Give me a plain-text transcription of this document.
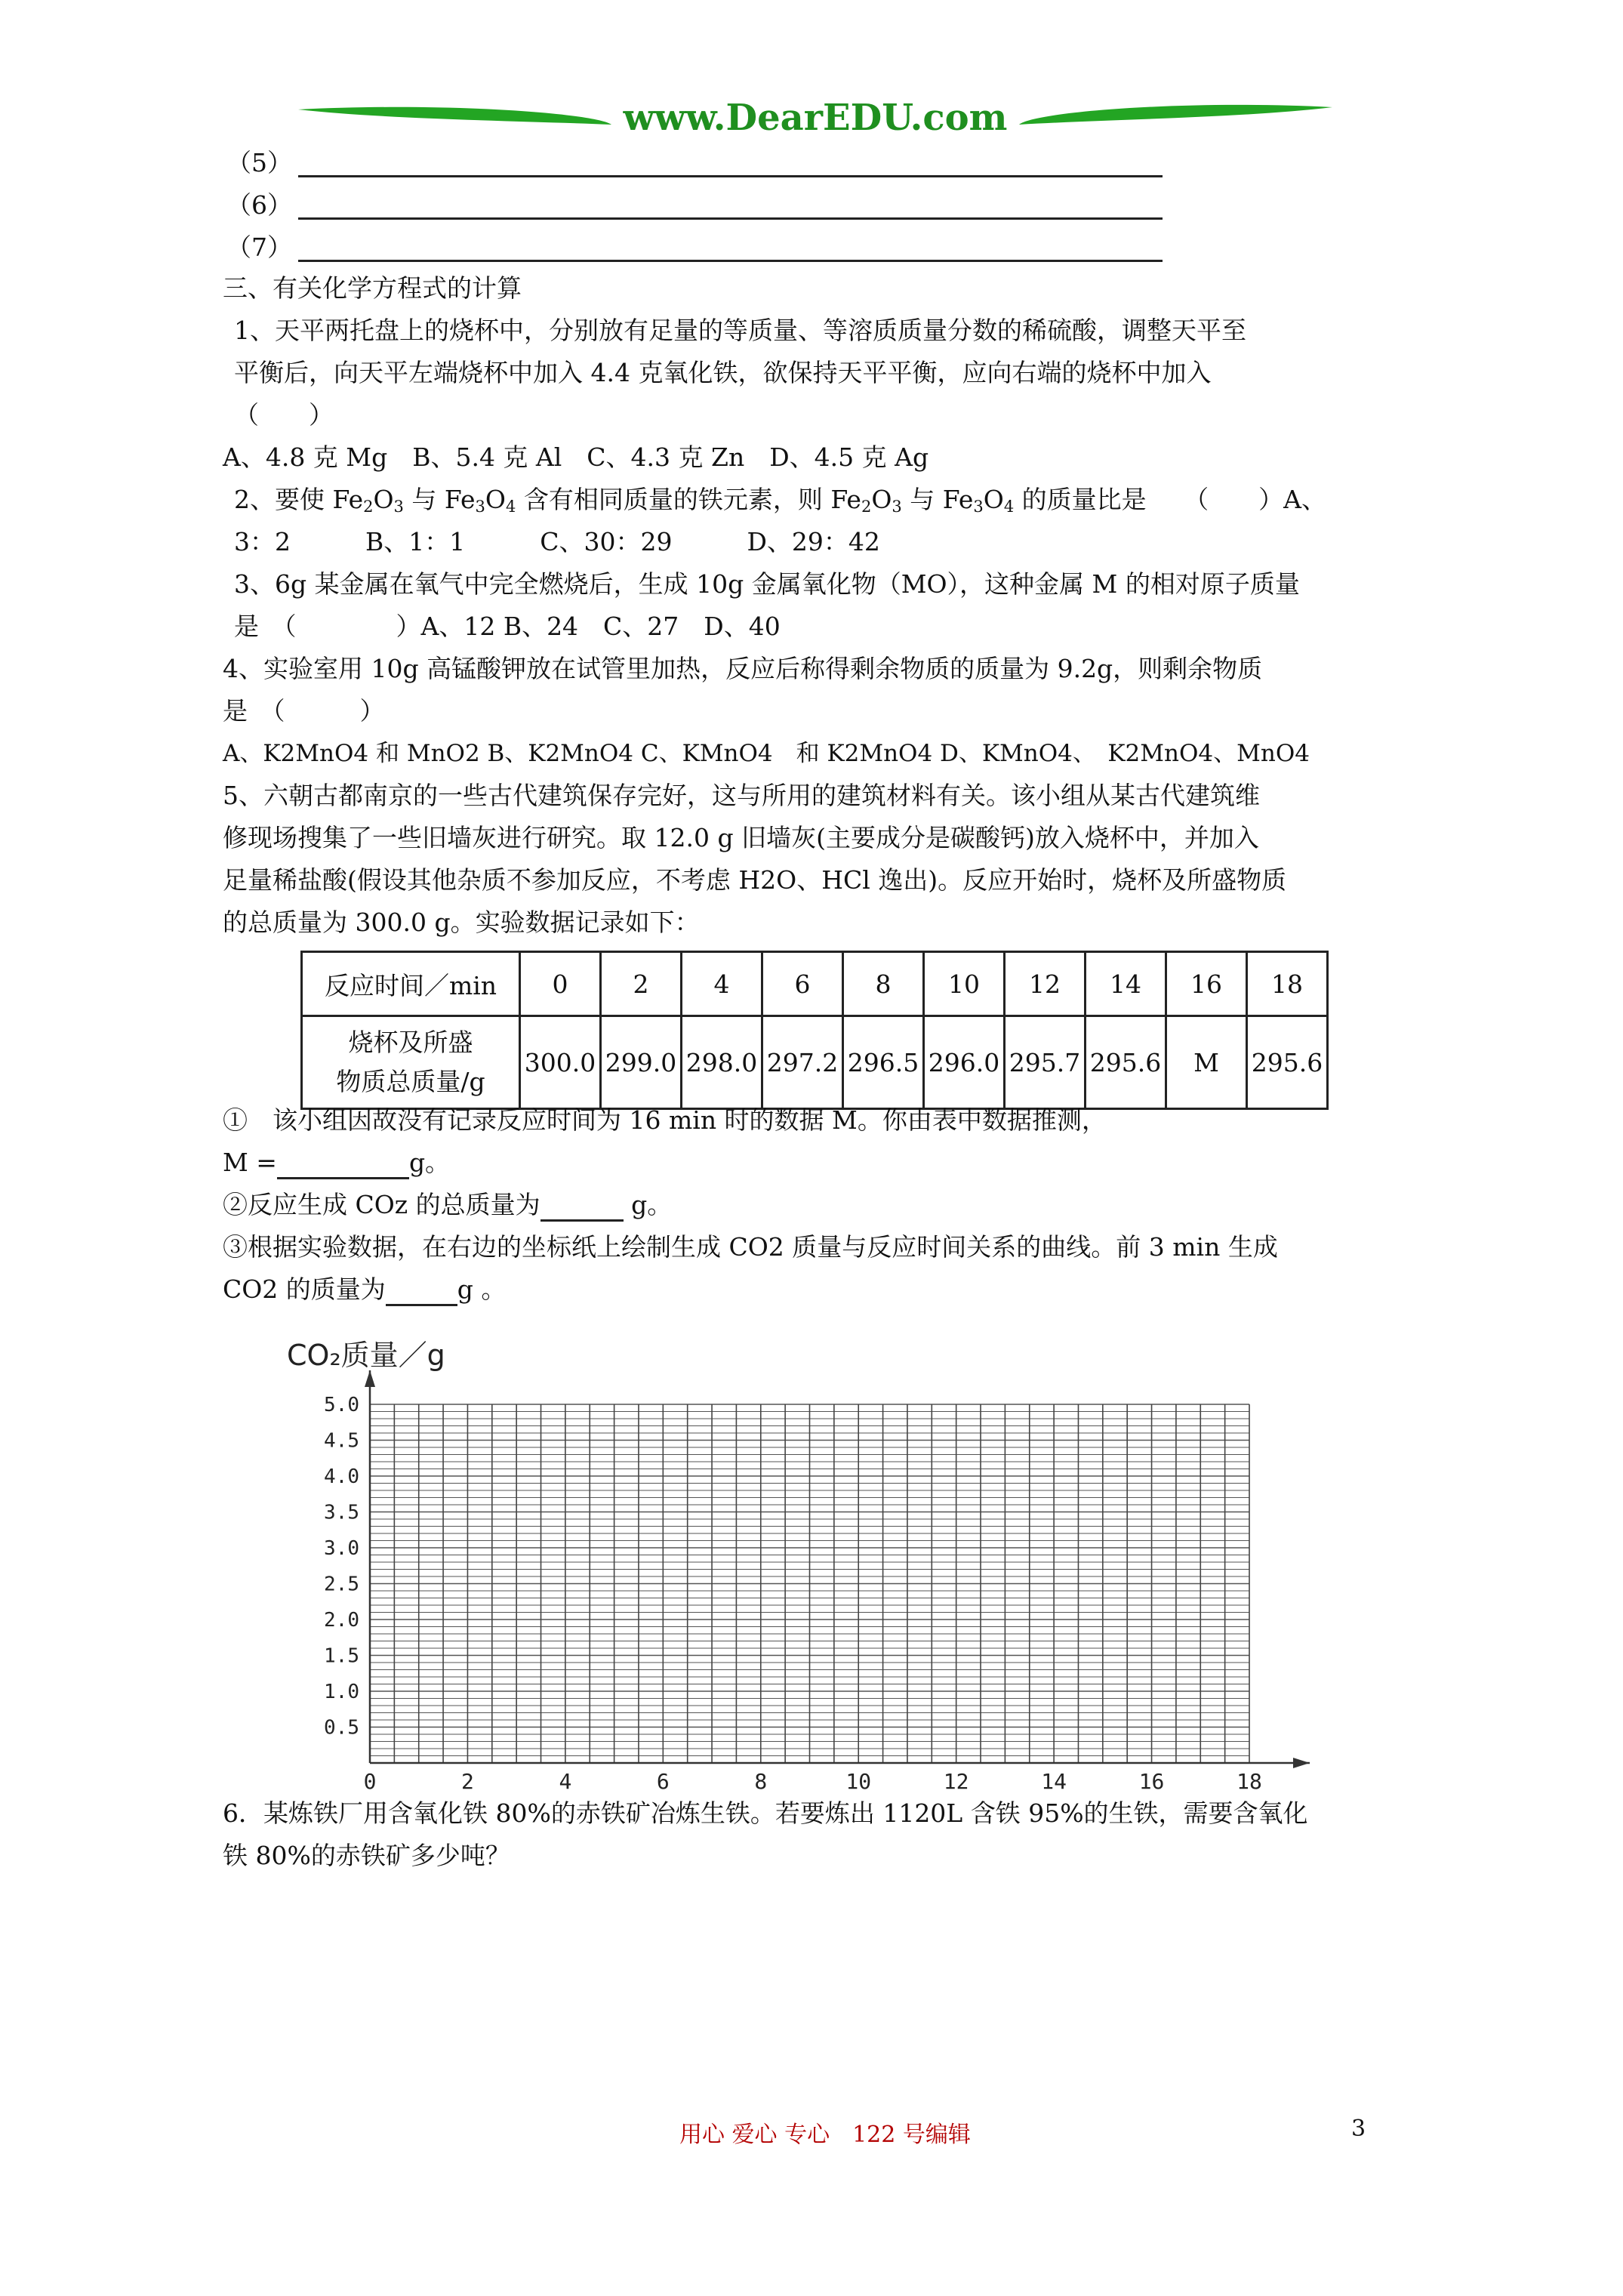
www.DearEDU.com
（5）
（6）
（7）
三、有关化学方程式的计算
1、天平两托盘上的烧杯中，分别放有足量的等质量、等溶质质量分数的稀硫酸，调整天平至
平衡后，向天平左端烧杯中加入 4.4 克氧化铁，欲保持天平平衡，应向右端的烧杯中加入
（　　）
A、4.8 克 Mg　B、5.4 克 Al　C、4.3 克 Zn　D、4.5 克 Ag
2、要使 $Fe_2O_3$ 与 $Fe_3O_4$ 含有相同质量的铁元素，则 $Fe_2O_3$ 与 $Fe_3O_4$ 的质量比是　　（　　）A、
3：2　　　B、1：1　　　C、30：29　　　D、29：42
3、6g 某金属在氧气中完全燃烧后，生成 10g 金属氧化物（MO），这种金属 M 的相对原子质量
是　（　　　　）A、12 B、24　C、27　D、40
4、实验室用 10g 高锰酸钾放在试管里加热，反应后称得剩余物质的质量为 9.2g，则剩余物质
是　（　　　）
A、K2MnO4 和 MnO2 B、K2MnO4 C、KMnO4　和 K2MnO4 D、KMnO4、　K2MnO4、MnO4
5、六朝古都南京的一些古代建筑保存完好，这与所用的建筑材料有关。该小组从某古代建筑维
修现场搜集了一些旧墙灰进行研究。取 12.0 g 旧墙灰(主要成分是碳酸钙)放入烧杯中，并加入
足量稀盐酸(假设其他杂质不参加反应，不考虑 H2O、HCl 逸出)。反应开始时，烧杯及所盛物质
的总质量为 300.0 g。实验数据记录如下：
反应时间／min	0	2	4	6	8	10	12	14	16	18

烧杯及所盛
物质总质量/g	300.0	299.0	298.0	297.2	296.5	296.0	295.7	295.6	M	295.6
①　该小组因故没有记录反应时间为 16 min 时的数据 M。你由表中数据推测，
M =	g。
②反应生成 COz 的总质量为	g。
③根据实验数据，在右边的坐标纸上绘制生成 CO2 质量与反应时间关系的曲线。前 3 min 生成
CO2 的质量为	g 。
0	2	4	6	8	10	12	14	16	18
0.5
1.0
1.5
2.0
2.5
3.0
3.5
4.0
4.5
5.0
CO₂质量／g
6．某炼铁厂用含氧化铁 80%的赤铁矿冶炼生铁。若要炼出 1120L 含铁 95%的生铁，需要含氧化
铁 80%的赤铁矿多少吨？
用心 爱心 专心　122 号编辑	3
